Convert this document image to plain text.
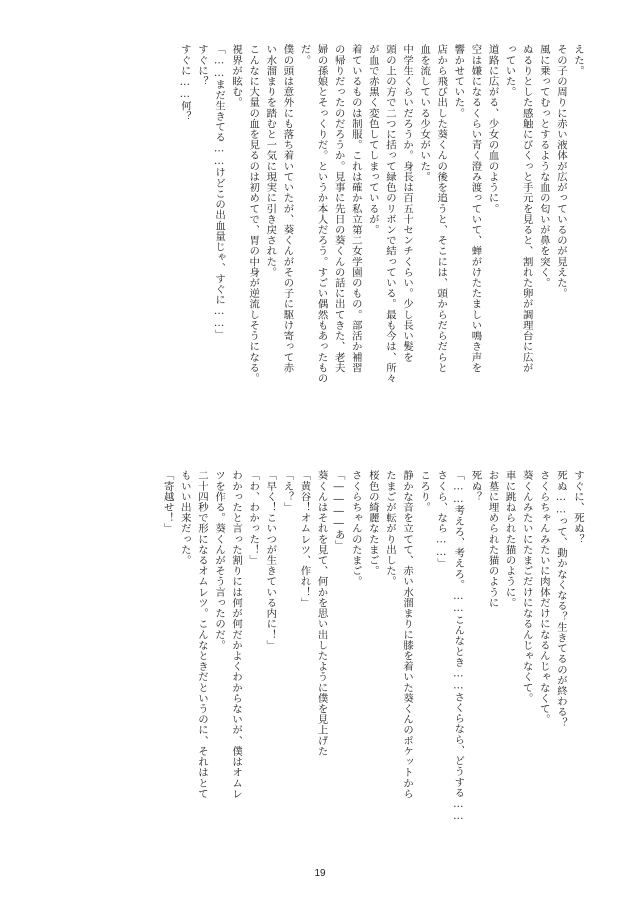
えた。
その子の周りに赤い液体が広がっているのが見えた。
風に乗ってむっとするような血の匂いが鼻を突く。
ぬるりとした感触にびくっと手元を見ると、割れた卵が調理台に広が
っていた。
道路に広がる、少女の血のように。
空は嫌になるくらい青く澄み渡っていて、蝉がけたたましい鳴き声を
響かせていた。
店から飛び出した葵くんの後を追うと、そこには、頭からだらだらと
血を流している少女がいた。
中学生くらいだろうか。身長は百五十センチくらい。少し長い髪を
頭の上の方で二つに括って緑色のリボンで結っている。最も今は、所々
が血で赤黒く変色してしまっているが。
着ているものは制服。これは確か私立第二女学園のもの。部活か補習
の帰りだったのだろうか。見事に先日の葵くんの話に出てきた、老夫
婦の孫娘とそっくりだ。というか本人だろう。すごい偶然もあったもの
だ。
僕の頭は意外にも落ち着いていたが、葵くんがその子に駆け寄って赤
い水溜まりを踏むと一気に現実に引き戻された。
こんなに大量の血を見るのは初めてで、胃の中身が逆流しそうになる。
視界が眩む。
「……まだ生きてる……けどこの出血量じゃ、すぐに……」
すぐに？
すぐに……何？
すぐに、死ぬ？
死ぬ……って、動かなくなる？生きてるのが終わる？
さくらちゃんみたいに肉体だけになるんじゃなくて。
葵くんみたいにたまごだけになるんじゃなくて。
車に跳ねられた猫のように。
お墓に埋められた猫のように
死ぬ？
「……考えろ、考えろ。……こんなとき……さくらなら、どうする……
さくら、なら……」
ころり。
静かな音を立てて、赤い水溜まりに膝を着いた葵くんのポケットから
たまごが転がり出した。
桜色の綺麗なたまご。
さくらちゃんのたまご。
「――――あ」
葵くんはそれを見て、何かを思い出したように僕を見上げた
「黄谷！オムレツ、作れ！」
「え？」
「早く！こいつが生きている内に！」
「わ、わかった！」
わかったと言った割りには何が何だかよくわからないが、僕はオムレ
ツを作る。葵くんがそう言ったのだ。
二十四秒で形になるオムレツ。こんなときだというのに、それはとて
もいい出来だった。
「寄越せ！」
19
